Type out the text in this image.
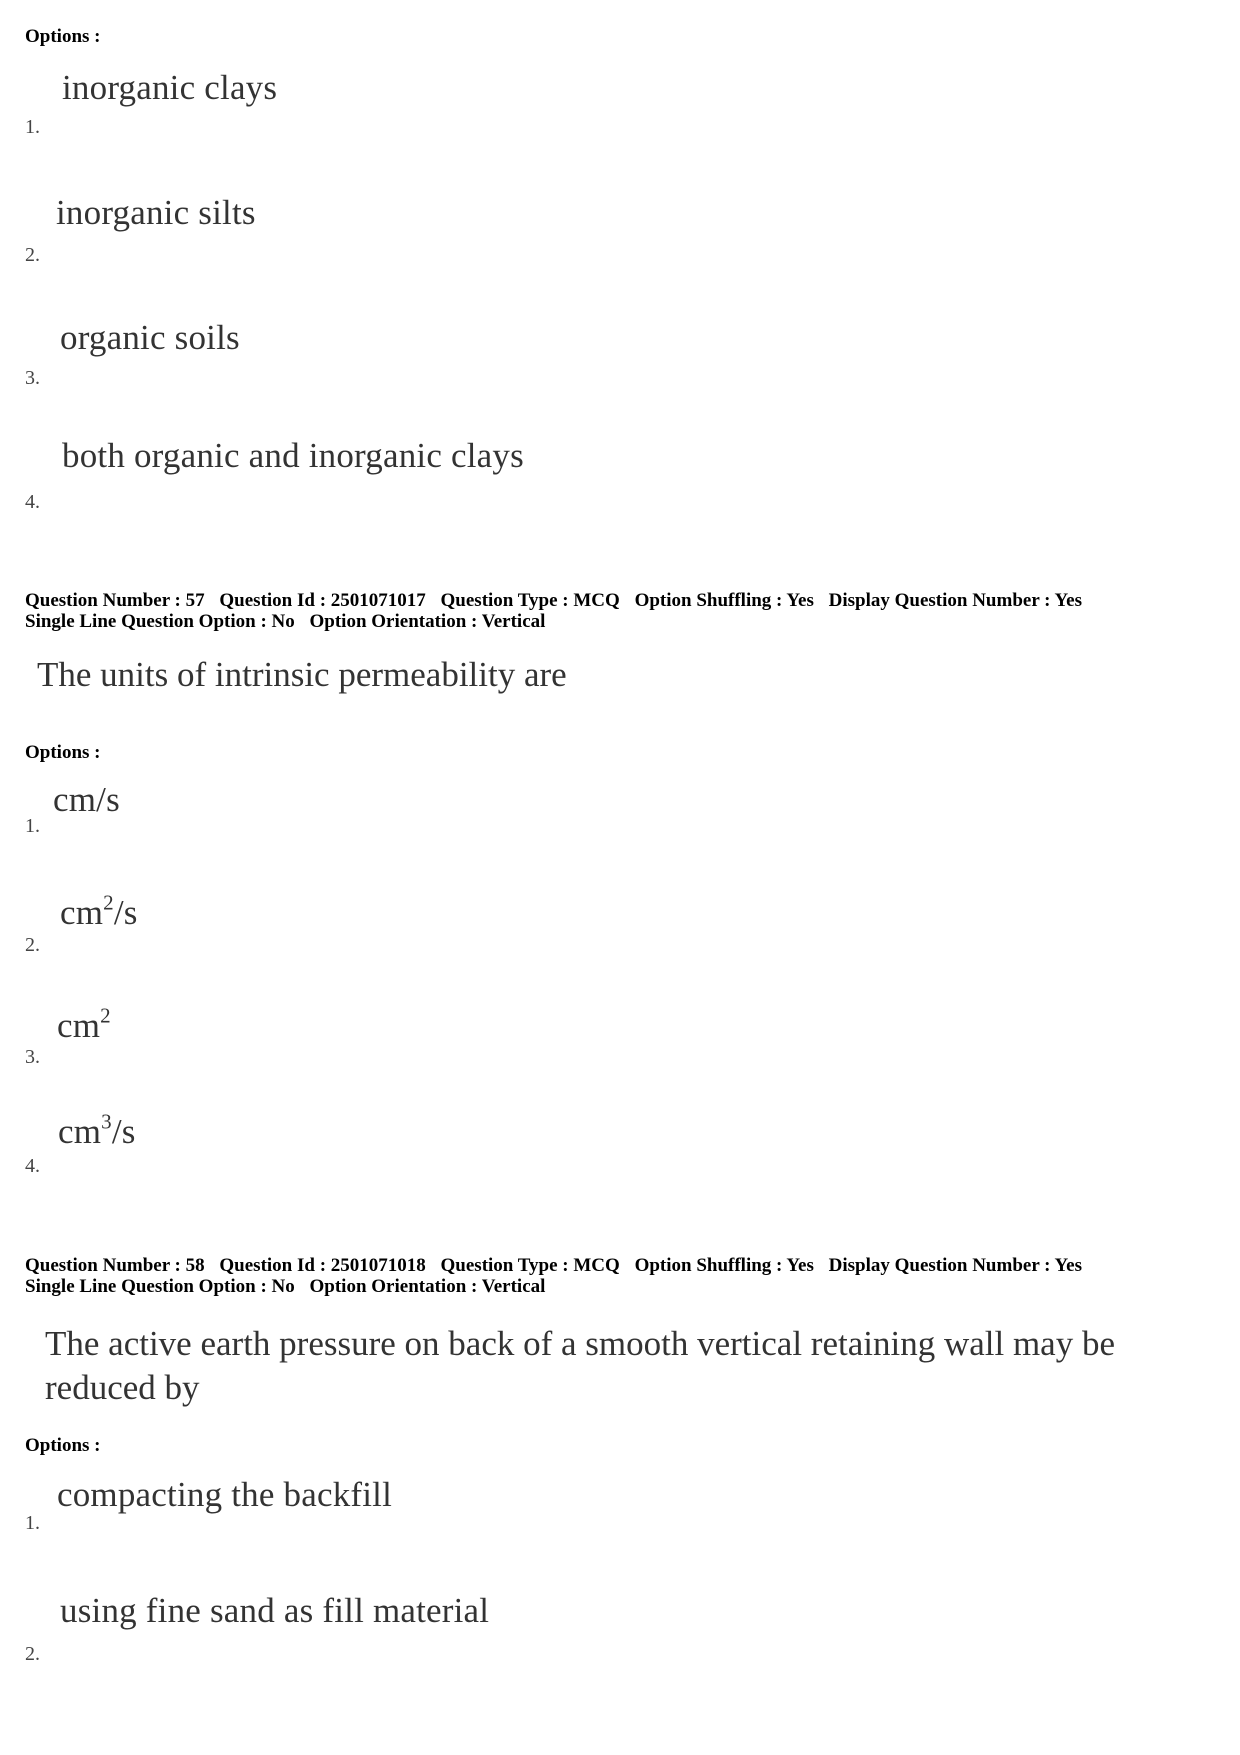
Options :
inorganic clays
1.
inorganic silts
2.
organic soils
3.
both organic and inorganic clays
4.
Question Number : 57 Question Id : 2501071017 Question Type : MCQ Option Shuffling : Yes Display Question Number : Yes
Single Line Question Option : No Option Orientation : Vertical
The units of intrinsic permeability are
Options :
cm/s
1.
$cm^2/s$
2.
$cm^2$
3.
$cm^3/s$
4.
Question Number : 58 Question Id : 2501071018 Question Type : MCQ Option Shuffling : Yes Display Question Number : Yes
Single Line Question Option : No Option Orientation : Vertical
The active earth pressure on back of a smooth vertical retaining wall may be reduced by
Options :
compacting the backfill
1.
using fine sand as fill material
2.
